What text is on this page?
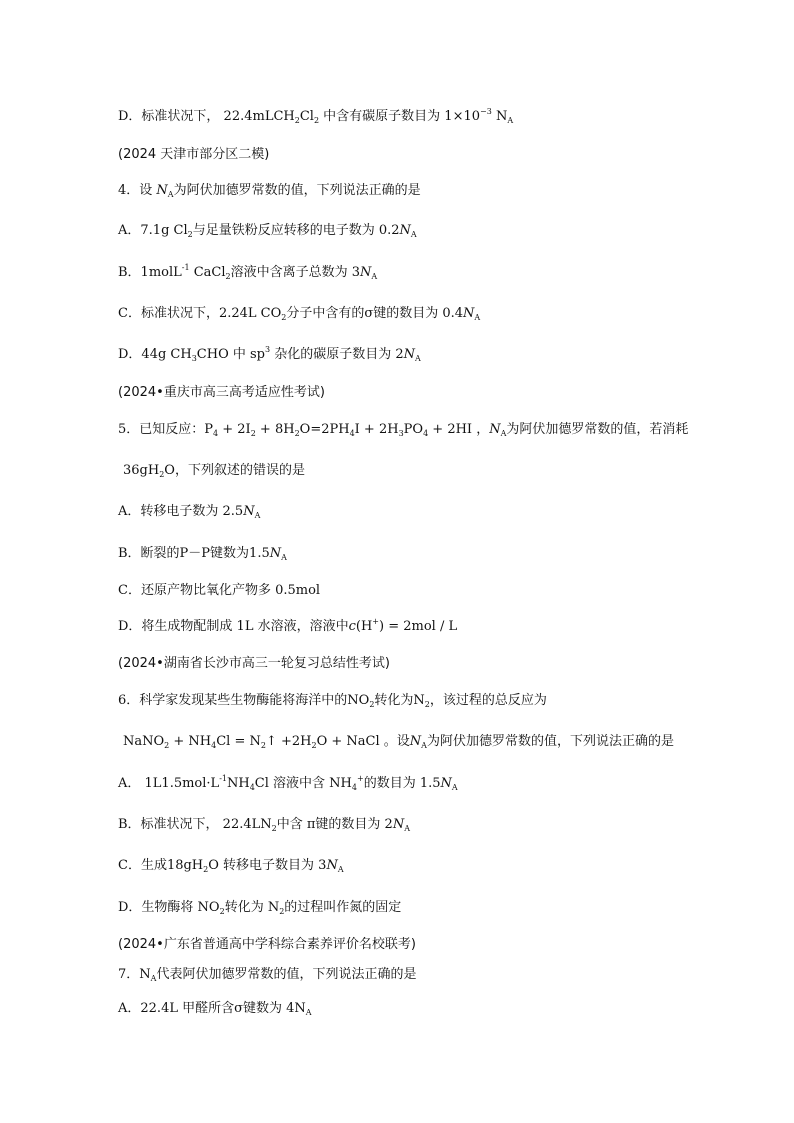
D．标准状况下， $22.4mLCH_2Cl_2$ 中含有碳原子数目为 $1\times 10^{-3}$ $N_A$
(2024 天津市部分区二模)
4．设 $N_A$为阿伏加德罗常数的值，下列说法正确的是
A．7.1g $Cl_2$与足量铁粉反应转移的电子数为 $0.2N_A$
B．1molL$^{-1}$ CaCl$_2$溶液中含离子总数为 $3N_A$
C．标准状况下，2.24L $CO_2$分子中含有的σ键的数目为 $0.4N_A$
D．44g $CH_3CHO$ 中 $sp^3$ 杂化的碳原子数目为 $2N_A$
(2024•重庆市高三高考适应性考试)
5．已知反应：$P_4 + 2I_2 + 8H_2O=2PH_4I + 2H_3PO_4 + 2HI$ ，$N_A$为阿伏加德罗常数的值，若消耗
$36gH_2O$，下列叙述的错误的是
A．转移电子数为 $2.5N_A$
B．断裂的P－P键数为$1.5N_A$
C．还原产物比氧化产物多 0.5mol
D．将生成物配制成 1L 水溶液，溶液中c(H+) = 2mol / L
(2024•湖南省长沙市高三一轮复习总结性考试)
6．科学家发现某些生物酶能将海洋中的$NO_2$转化为$N_2$，该过程的总反应为
NaNO$_2$ + $NH_4Cl$ = $N_2↑ +2H_2O$ + NaCl 。设$N_A$为阿伏加德罗常数的值，下列说法正确的是
A． $1L1.5mol\cdot L^{-1}NH_4Cl$ 溶液中含 $NH_4^+$的数目为 $1.5N_A$
B．标准状况下， $22.4LN_2$中含 π键的数目为 $2N_A$
C．生成$18gH_2O$ 转移电子数目为 $3N_A$
D．生物酶将 $NO_2$转化为 $N_2$的过程叫作氮的固定
(2024•广东省普通高中学科综合素养评价名校联考)
7．$N_A$代表阿伏加德罗常数的值，下列说法正确的是
A．22.4L 甲醛所含σ键数为 $4N_A$
